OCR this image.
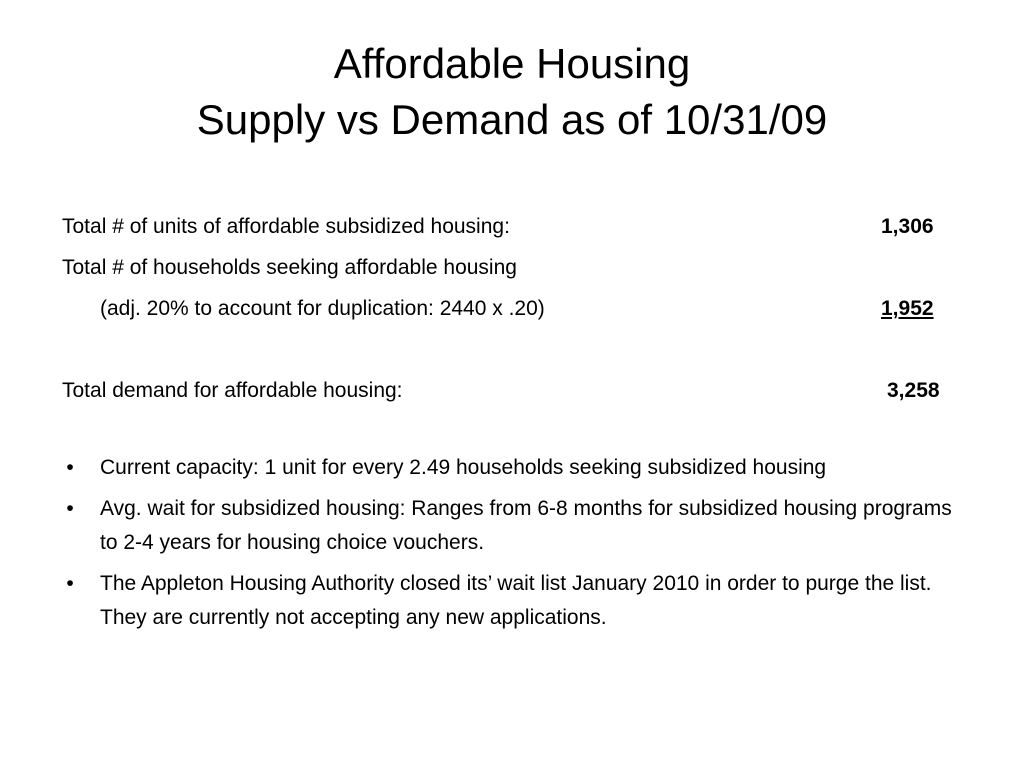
Affordable Housing
Supply vs Demand as of 10/31/09
Total # of units of affordable subsidized housing:	1,306
Total # of households seeking affordable housing
(adj. 20% to account for duplication: 2440 x .20)	1,952
Total demand for affordable housing:	3,258
• Current capacity: 1 unit for every 2.49 households seeking subsidized housing
• Avg. wait for subsidized housing: Ranges from 6-8 months for subsidized housing programs to 2-4 years for housing choice vouchers.
• The Appleton Housing Authority closed its’ wait list January 2010 in order to purge the list. They are currently not accepting any new applications.
